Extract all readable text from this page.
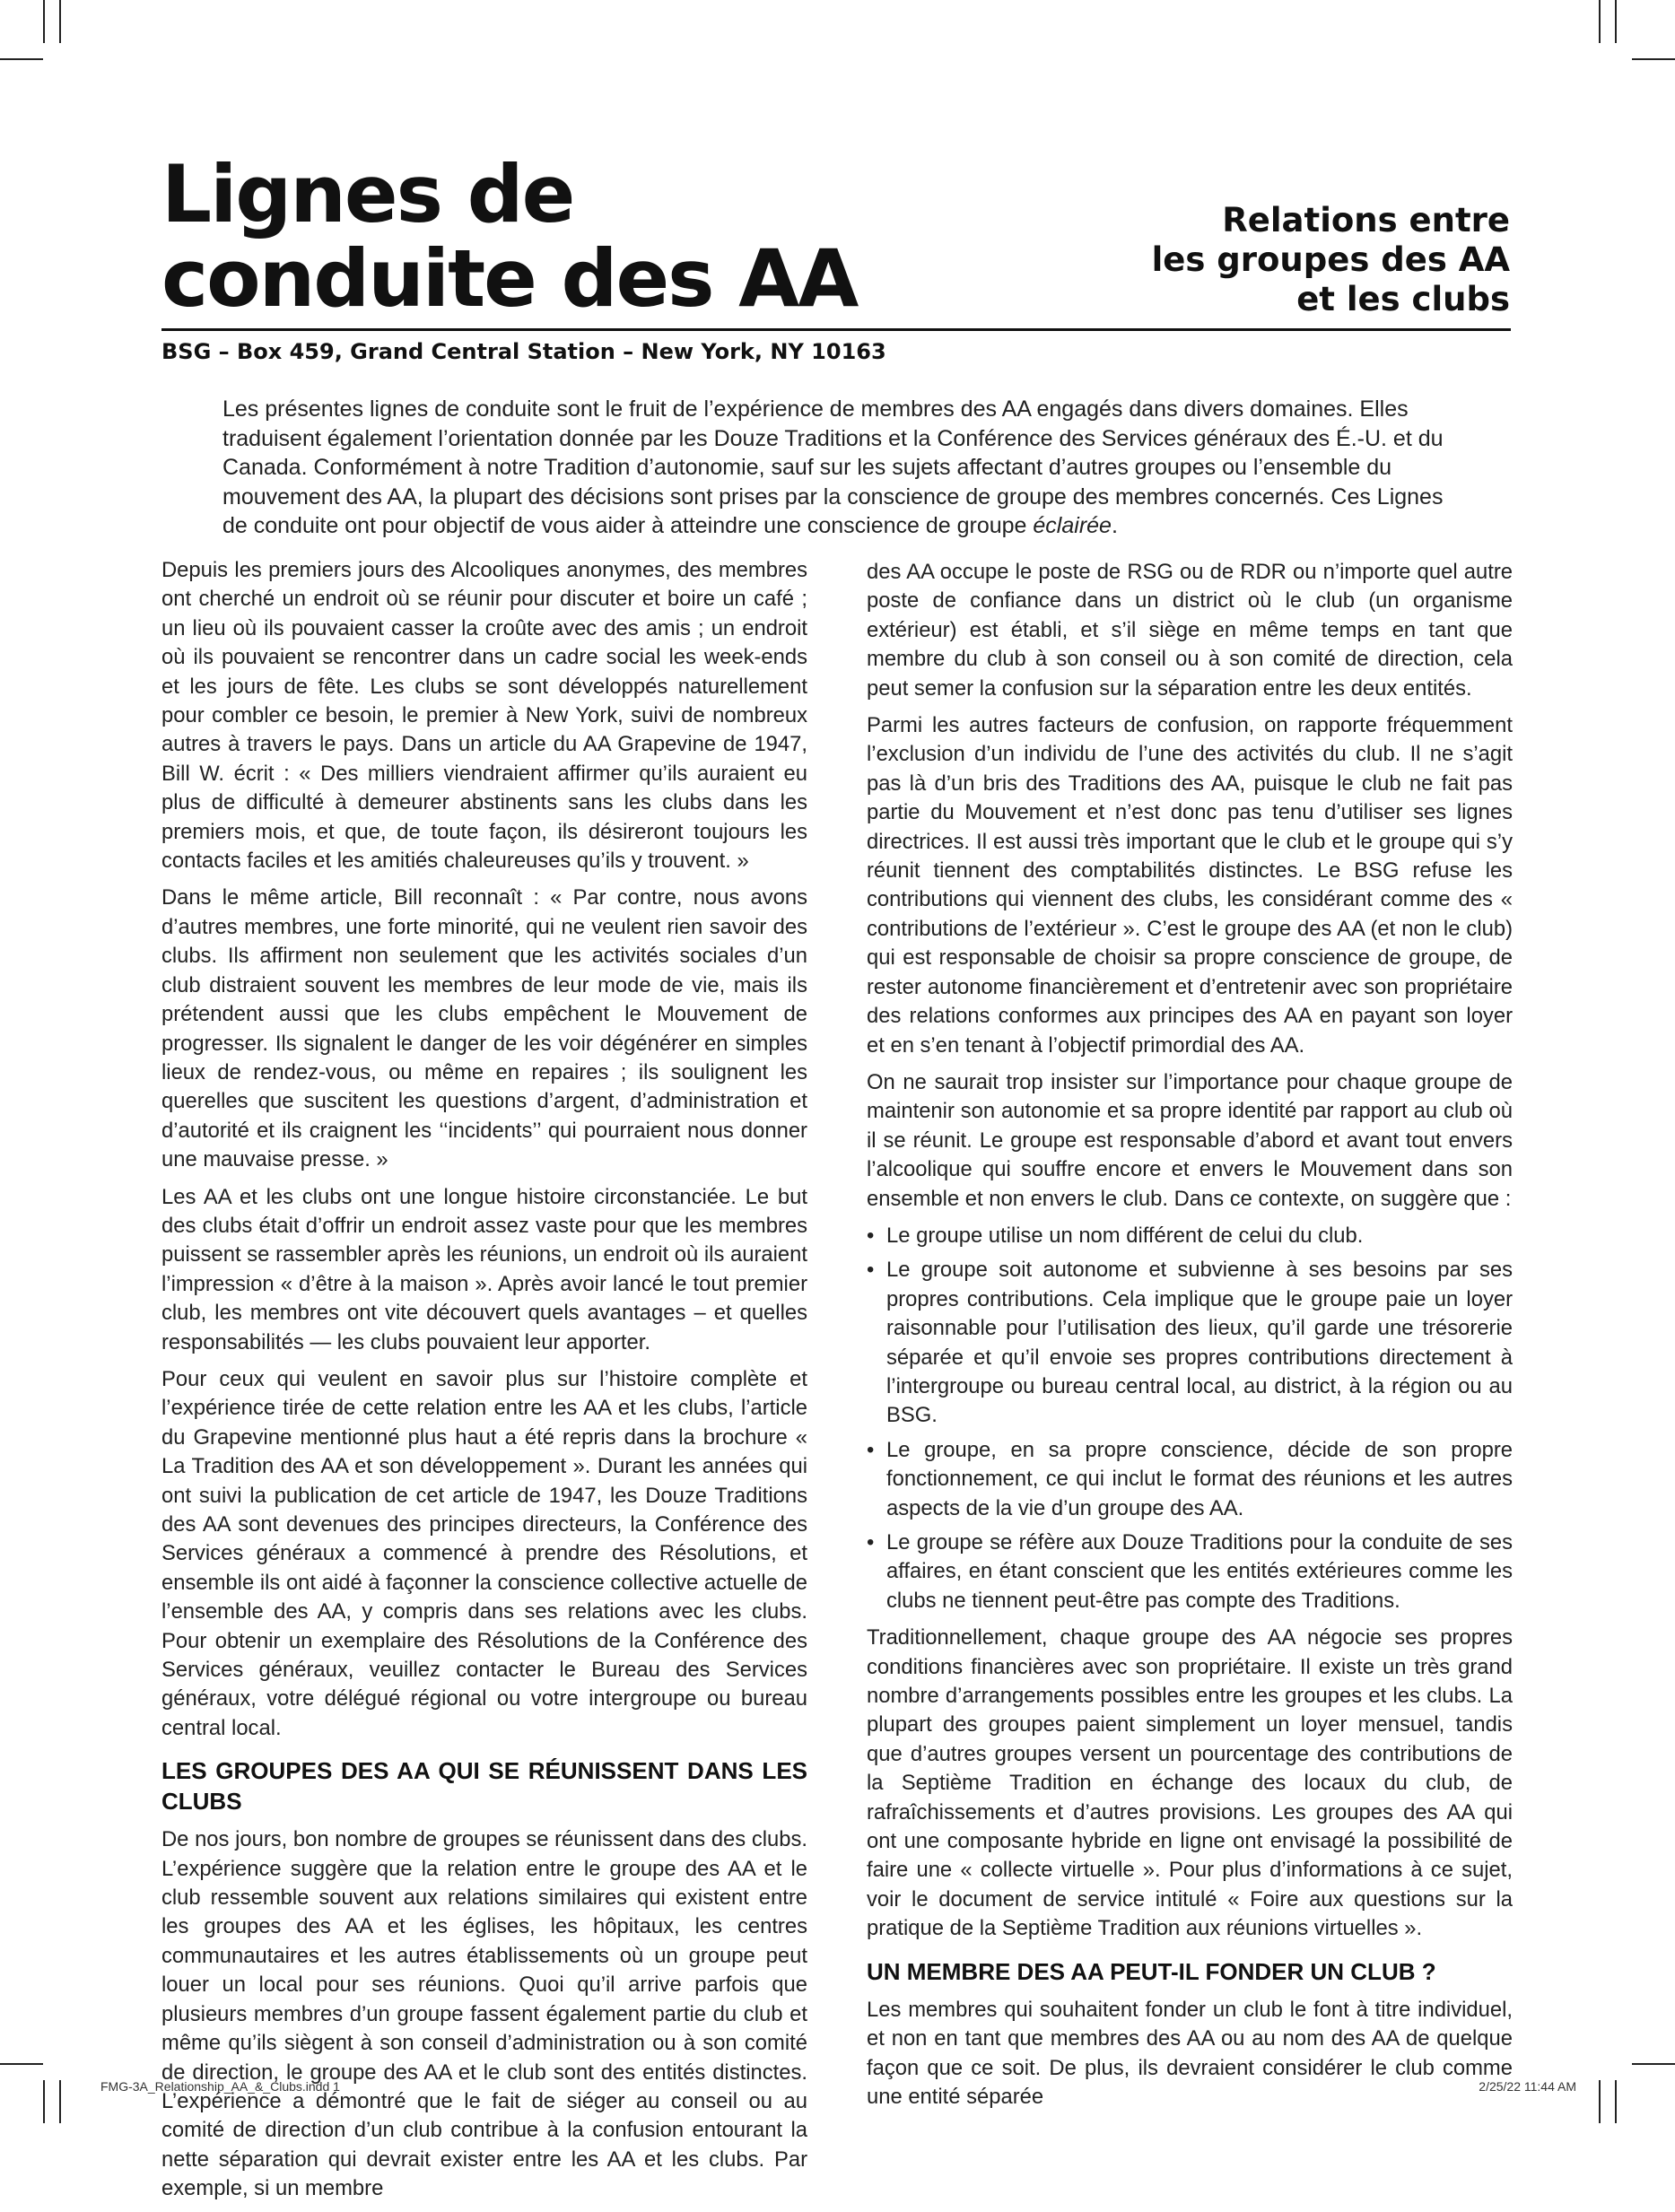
Lignes de
conduite des AA
Relations entre
les groupes des AA
et les clubs
BSG – Box 459, Grand Central Station – New York, NY 10163

Les présentes lignes de conduite sont le fruit de l’expérience de membres des AA engagés dans divers domaines. Elles traduisent également l’orientation donnée par les Douze Traditions et la Conférence des Services généraux des É.-U. et du Canada. Conformément à notre Tradition d’autonomie, sauf sur les sujets affectant d’autres groupes ou l’ensemble du mouvement des AA, la plupart des décisions sont prises par la conscience de groupe des membres concernés. Ces Lignes de conduite ont pour objectif de vous aider à atteindre une conscience de groupe éclairée.

Depuis les premiers jours des Alcooliques anonymes, des membres ont cherché un endroit où se réunir pour discuter et boire un café ; un lieu où ils pouvaient casser la croûte avec des amis ; un endroit où ils pouvaient se rencontrer dans un cadre social les week-ends et les jours de fête. Les clubs se sont développés naturellement pour combler ce besoin, le premier à New York, suivi de nombreux autres à travers le pays. Dans un article du AA Grapevine de 1947, Bill W. écrit : « Des milliers viendraient affirmer qu’ils auraient eu plus de difficulté à demeurer abstinents sans les clubs dans les premiers mois, et que, de toute façon, ils désireront toujours les contacts faciles et les amitiés chaleureuses qu’ils y trouvent. »

Dans le même article, Bill reconnaît : « Par contre, nous avons d’autres membres, une forte minorité, qui ne veulent rien savoir des clubs. Ils affirment non seulement que les activités sociales d’un club distraient souvent les membres de leur mode de vie, mais ils prétendent aussi que les clubs empêchent le Mouvement de progresser. Ils signalent le danger de les voir dégénérer en simples lieux de rendez-vous, ou même en repaires ; ils soulignent les querelles que suscitent les questions d’argent, d’administration et d’autorité et ils craignent les ‘‘incidents’’ qui pourraient nous donner une mauvaise presse. »

Les AA et les clubs ont une longue histoire circonstanciée. Le but des clubs était d’offrir un endroit assez vaste pour que les membres puissent se rassembler après les réunions, un endroit où ils auraient l’impression « d’être à la maison ». Après avoir lancé le tout premier club, les membres ont vite découvert quels avantages – et quelles responsabilités — les clubs pouvaient leur apporter.

Pour ceux qui veulent en savoir plus sur l’histoire complète et l’expérience tirée de cette relation entre les AA et les clubs, l’article du Grapevine mentionné plus haut a été repris dans la brochure « La Tradition des AA et son développement ». Durant les années qui ont suivi la publication de cet article de 1947, les Douze Traditions des AA sont devenues des principes directeurs, la Conférence des Services généraux a commencé à prendre des Résolutions, et ensemble ils ont aidé à façonner la conscience collective actuelle de l’ensemble des AA, y compris dans ses relations avec les clubs. Pour obtenir un exemplaire des Résolutions de la Conférence des Services généraux, veuillez contacter le Bureau des Services généraux, votre délégué régional ou votre intergroupe ou bureau central local.

LES GROUPES DES AA QUI SE RÉUNISSENT DANS LES CLUBS

De nos jours, bon nombre de groupes se réunissent dans des clubs. L’expérience suggère que la relation entre le groupe des AA et le club ressemble souvent aux relations similaires qui existent entre les groupes des AA et les églises, les hôpitaux, les centres communautaires et les autres établissements où un groupe peut louer un local pour ses réunions. Quoi qu’il arrive parfois que plusieurs membres d’un groupe fassent également partie du club et même qu’ils siègent à son conseil d’administration ou à son comité de direction, le groupe des AA et le club sont des entités distinctes. L’expérience a démontré que le fait de siéger au conseil ou au comité de direction d’un club contribue à la confusion entourant la nette séparation qui devrait exister entre les AA et les clubs. Par exemple, si un membre

des AA occupe le poste de RSG ou de RDR ou n’importe quel autre poste de confiance dans un district où le club (un organisme extérieur) est établi, et s’il siège en même temps en tant que membre du club à son conseil ou à son comité de direction, cela peut semer la confusion sur la séparation entre les deux entités.

Parmi les autres facteurs de confusion, on rapporte fréquemment l’exclusion d’un individu de l’une des activités du club. Il ne s’agit pas là d’un bris des Traditions des AA, puisque le club ne fait pas partie du Mouvement et n’est donc pas tenu d’utiliser ses lignes directrices. Il est aussi très important que le club et le groupe qui s’y réunit tiennent des comptabilités distinctes. Le BSG refuse les contributions qui viennent des clubs, les considérant comme des « contributions de l’extérieur ». C’est le groupe des AA (et non le club) qui est responsable de choisir sa propre conscience de groupe, de rester autonome financièrement et d’entretenir avec son propriétaire des relations conformes aux principes des AA en payant son loyer et en s’en tenant à l’objectif primordial des AA.

On ne saurait trop insister sur l’importance pour chaque groupe de maintenir son autonomie et sa propre identité par rapport au club où il se réunit. Le groupe est responsable d’abord et avant tout envers l’alcoolique qui souffre encore et envers le Mouvement dans son ensemble et non envers le club. Dans ce contexte, on suggère que :

• Le groupe utilise un nom différent de celui du club.
• Le groupe soit autonome et subvienne à ses besoins par ses propres contributions. Cela implique que le groupe paie un loyer raisonnable pour l’utilisation des lieux, qu’il garde une trésorerie séparée et qu’il envoie ses propres contributions directement à l’intergroupe ou bureau central local, au district, à la région ou au BSG.
• Le groupe, en sa propre conscience, décide de son propre fonctionnement, ce qui inclut le format des réunions et les autres aspects de la vie d’un groupe des AA.
• Le groupe se réfère aux Douze Traditions pour la conduite de ses affaires, en étant conscient que les entités extérieures comme les clubs ne tiennent peut-être pas compte des Traditions.

Traditionnellement, chaque groupe des AA négocie ses propres conditions financières avec son propriétaire. Il existe un très grand nombre d’arrangements possibles entre les groupes et les clubs. La plupart des groupes paient simplement un loyer mensuel, tandis que d’autres groupes versent un pourcentage des contributions de la Septième Tradition en échange des locaux du club, de rafraîchissements et d’autres provisions. Les groupes des AA qui ont une composante hybride en ligne ont envisagé la possibilité de faire une « collecte virtuelle ». Pour plus d’informations à ce sujet, voir le document de service intitulé « Foire aux questions sur la pratique de la Septième Tradition aux réunions virtuelles ».

UN MEMBRE DES AA PEUT-IL FONDER UN CLUB ?

Les membres qui souhaitent fonder un club le font à titre individuel, et non en tant que membres des AA ou au nom des AA de quelque façon que ce soit. De plus, ils devraient considérer le club comme une entité séparée

FMG-3A_Relationship_AA_&_Clubs.indd 1	2/25/22 11:44 AM
